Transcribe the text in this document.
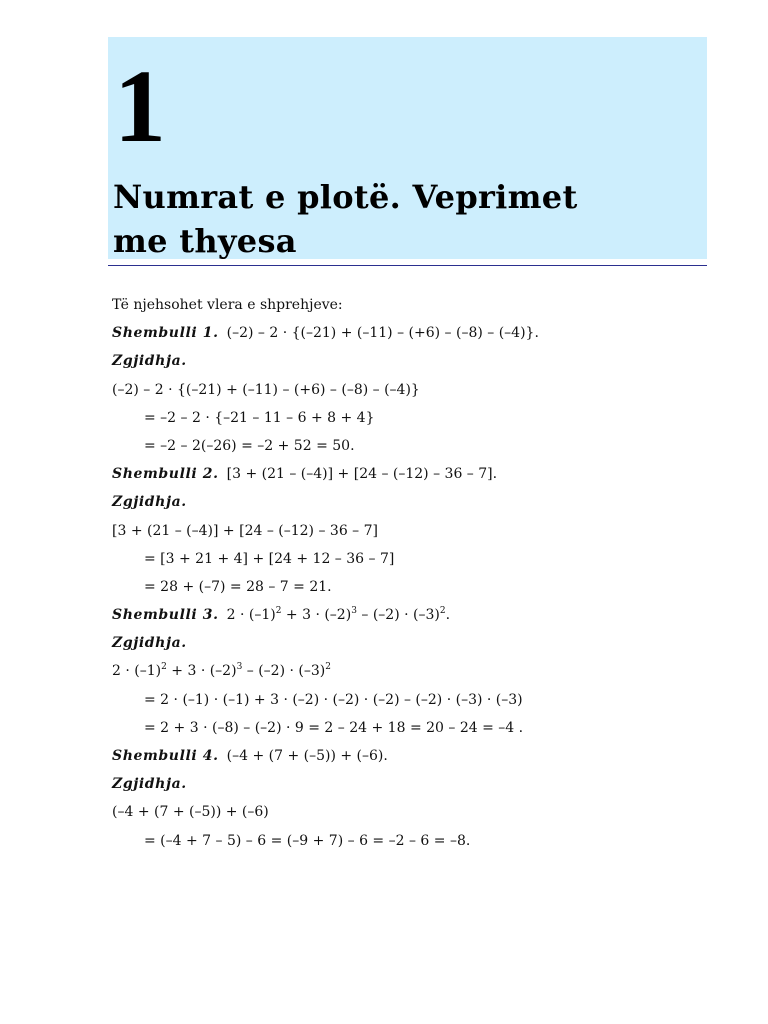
1
Numrat e plotë. Veprimet
me thyesa
Të njehsohet vlera e shprehjeve:
Shembulli 1. (–2) – 2 · {(–21) + (–11) – (+6) – (–8) – (–4)}.
Zgjidhja.
(–2) – 2 · {(–21) + (–11) – (+6) – (–8) – (–4)}
= –2 – 2 · {–21 – 11 – 6 + 8 + 4}
= –2 – 2(–26) = –2 + 52 = 50.
Shembulli 2. [3 + (21 – (–4)] + [24 – (–12) – 36 – 7].
Zgjidhja.
[3 + (21 – (–4)] + [24 – (–12) – 36 – 7]
= [3 + 21 + 4] + [24 + 12 – 36 – 7]
= 28 + (–7) = 28 – 7 = 21.
Shembulli 3. $2 \cdot (-1)^2 + 3 \cdot (-2)^3 - (-2) \cdot (-3)^2$.
Zgjidhja.
$2 \cdot (-1)^2 + 3 \cdot (-2)^3 - (-2) \cdot (-3)^2$
= 2 · (–1) · (–1) + 3 · (–2) · (–2) · (–2) – (–2) · (–3) · (–3)
= 2 + 3 · (–8) – (–2) · 9 = 2 – 24 + 18 = 20 – 24 = –4 .
Shembulli 4. (–4 + (7 + (–5)) + (–6).
Zgjidhja.
(–4 + (7 + (–5)) + (–6)
= (–4 + 7 – 5) – 6 = (–9 + 7) – 6 = –2 – 6 = –8.
